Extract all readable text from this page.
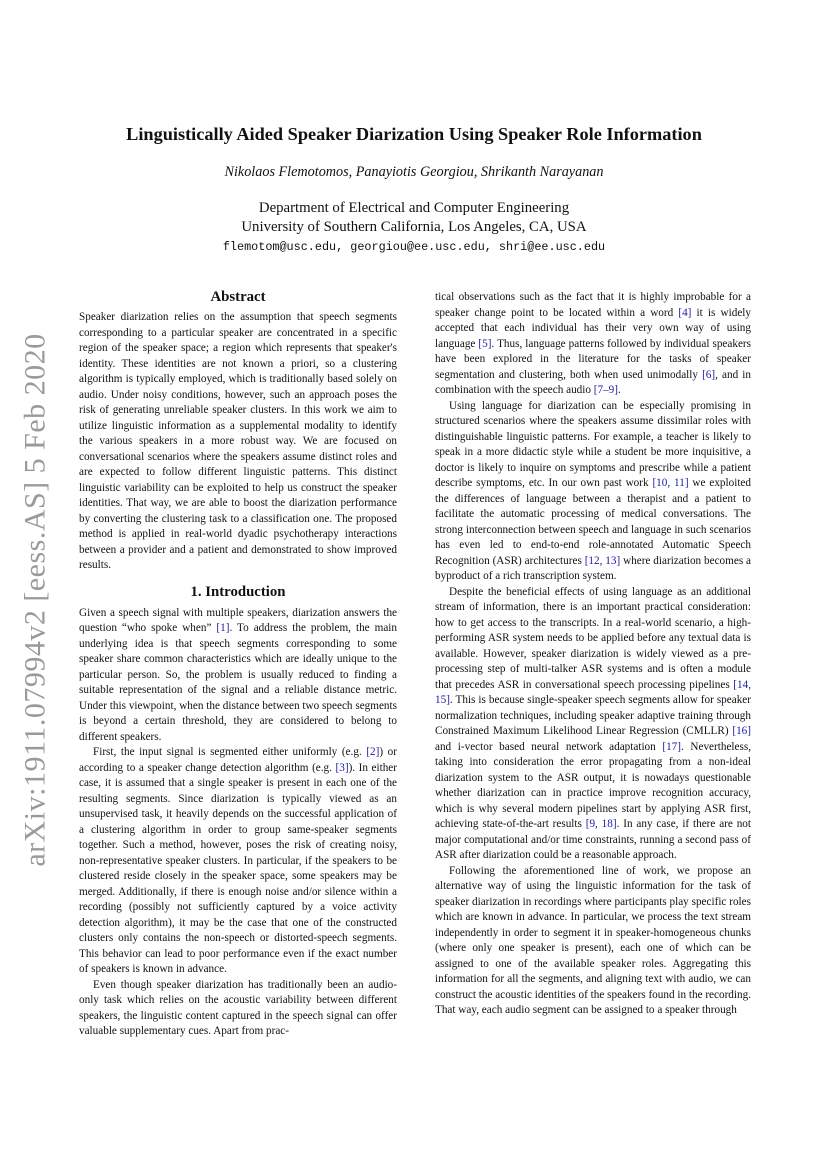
arXiv:1911.07994v2 [eess.AS] 5 Feb 2020
Linguistically Aided Speaker Diarization Using Speaker Role Information
Nikolaos Flemotomos, Panayiotis Georgiou, Shrikanth Narayanan
Department of Electrical and Computer Engineering
University of Southern California, Los Angeles, CA, USA
flemotom@usc.edu, georgiou@ee.usc.edu, shri@ee.usc.edu
Abstract

Speaker diarization relies on the assumption that speech segments corresponding to a particular speaker are concentrated in a specific region of the speaker space; a region which represents that speaker's identity. These identities are not known a priori, so a clustering algorithm is typically employed, which is traditionally based solely on audio. Under noisy conditions, however, such an approach poses the risk of generating unreliable speaker clusters. In this work we aim to utilize linguistic information as a supplemental modality to identify the various speakers in a more robust way. We are focused on conversational scenarios where the speakers assume distinct roles and are expected to follow different linguistic patterns. This distinct linguistic variability can be exploited to help us construct the speaker identities. That way, we are able to boost the diarization performance by converting the clustering task to a classification one. The proposed method is applied in real-world dyadic psychotherapy interactions between a provider and a patient and demonstrated to show improved results.

1. Introduction

Given a speech signal with multiple speakers, diarization answers the question “who spoke when” [1]. To address the problem, the main underlying idea is that speech segments corresponding to some speaker share common characteristics which are ideally unique to the particular person. So, the problem is usually reduced to finding a suitable representation of the signal and a reliable distance metric. Under this viewpoint, when the distance between two speech segments is beyond a certain threshold, they are considered to belong to different speakers.

First, the input signal is segmented either uniformly (e.g. [2]) or according to a speaker change detection algorithm (e.g. [3]). In either case, it is assumed that a single speaker is present in each one of the resulting segments. Since diarization is typically viewed as an unsupervised task, it heavily depends on the successful application of a clustering algorithm in order to group same-speaker segments together. Such a method, however, poses the risk of creating noisy, non-representative speaker clusters. In particular, if the speakers to be clustered reside closely in the speaker space, some speakers may be merged. Additionally, if there is enough noise and/or silence within a recording (possibly not sufficiently captured by a voice activity detection algorithm), it may be the case that one of the constructed clusters only contains the non-speech or distorted-speech segments. This behavior can lead to poor performance even if the exact number of speakers is known in advance.

Even though speaker diarization has traditionally been an audio-only task which relies on the acoustic variability between different speakers, the linguistic content captured in the speech signal can offer valuable supplementary cues. Apart from prac-

tical observations such as the fact that it is highly improbable for a speaker change point to be located within a word [4] it is widely accepted that each individual has their very own way of using language [5]. Thus, language patterns followed by individual speakers have been explored in the literature for the tasks of speaker segmentation and clustering, both when used unimodally [6], and in combination with the speech audio [7–9].

Using language for diarization can be especially promising in structured scenarios where the speakers assume dissimilar roles with distinguishable linguistic patterns. For example, a teacher is likely to speak in a more didactic style while a student be more inquisitive, a doctor is likely to inquire on symptoms and prescribe while a patient describe symptoms, etc. In our own past work [10, 11] we exploited the differences of language between a therapist and a patient to facilitate the automatic processing of medical conversations. The strong interconnection between speech and language in such scenarios has even led to end-to-end role-annotated Automatic Speech Recognition (ASR) architectures [12, 13] where diarization becomes a byproduct of a rich transcription system.

Despite the beneficial effects of using language as an additional stream of information, there is an important practical consideration: how to get access to the transcripts. In a real-world scenario, a high-performing ASR system needs to be applied before any textual data is available. However, speaker diarization is widely viewed as a pre-processing step of multi-talker ASR systems and is often a module that precedes ASR in conversational speech processing pipelines [14, 15]. This is because single-speaker speech segments allow for speaker normalization techniques, including speaker adaptive training through Constrained Maximum Likelihood Linear Regression (CMLLR) [16] and i-vector based neural network adaptation [17]. Nevertheless, taking into consideration the error propagating from a non-ideal diarization system to the ASR output, it is nowadays questionable whether diarization can in practice improve recognition accuracy, which is why several modern pipelines start by applying ASR first, achieving state-of-the-art results [9, 18]. In any case, if there are not major computational and/or time constraints, running a second pass of ASR after diarization could be a reasonable approach.

Following the aforementioned line of work, we propose an alternative way of using the linguistic information for the task of speaker diarization in recordings where participants play specific roles which are known in advance. In particular, we process the text stream independently in order to segment it in speaker-homogeneous chunks (where only one speaker is present), each one of which can be assigned to one of the available speaker roles. Aggregating this information for all the segments, and aligning text with audio, we can construct the acoustic identities of the speakers found in the recording. That way, each audio segment can be assigned to a speaker through
